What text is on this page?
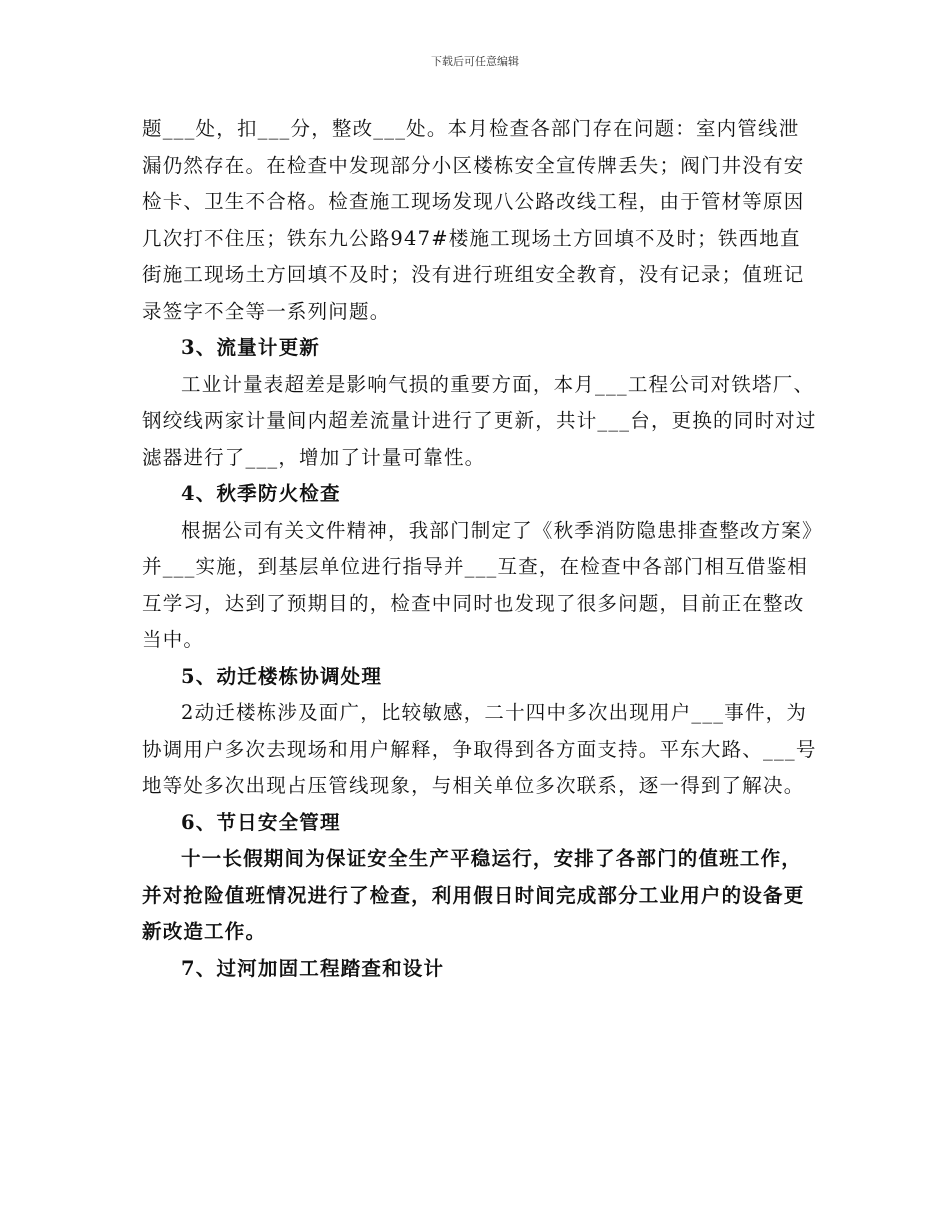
下载后可任意编辑

题___处，扣___分，整改___处。本月检查各部门存在问题：室内管线泄漏仍然存在。在检查中发现部分小区楼栋安全宣传牌丢失；阀门井没有安检卡、卫生不合格。检查施工现场发现八公路改线工程，由于管材等原因几次打不住压；铁东九公路947#楼施工现场土方回填不及时；铁西地直街施工现场土方回填不及时；没有进行班组安全教育，没有记录；值班记录签字不全等一系列问题。

3、流量计更新

工业计量表超差是影响气损的重要方面，本月___工程公司对铁塔厂、钢绞线两家计量间内超差流量计进行了更新，共计___台，更换的同时对过滤器进行了___，增加了计量可靠性。

4、秋季防火检查

根据公司有关文件精神，我部门制定了《秋季消防隐患排查整改方案》并___实施，到基层单位进行指导并___互查，在检查中各部门相互借鉴相互学习，达到了预期目的，检查中同时也发现了很多问题，目前正在整改当中。

5、动迁楼栋协调处理

2动迁楼栋涉及面广，比较敏感，二十四中多次出现用户___事件，为协调用户多次去现场和用户解释，争取得到各方面支持。平东大路、___号地等处多次出现占压管线现象，与相关单位多次联系，逐一得到了解决。

6、节日安全管理

十一长假期间为保证安全生产平稳运行，安排了各部门的值班工作，并对抢险值班情况进行了检查，利用假日时间完成部分工业用户的设备更新改造工作。

7、过河加固工程踏查和设计
